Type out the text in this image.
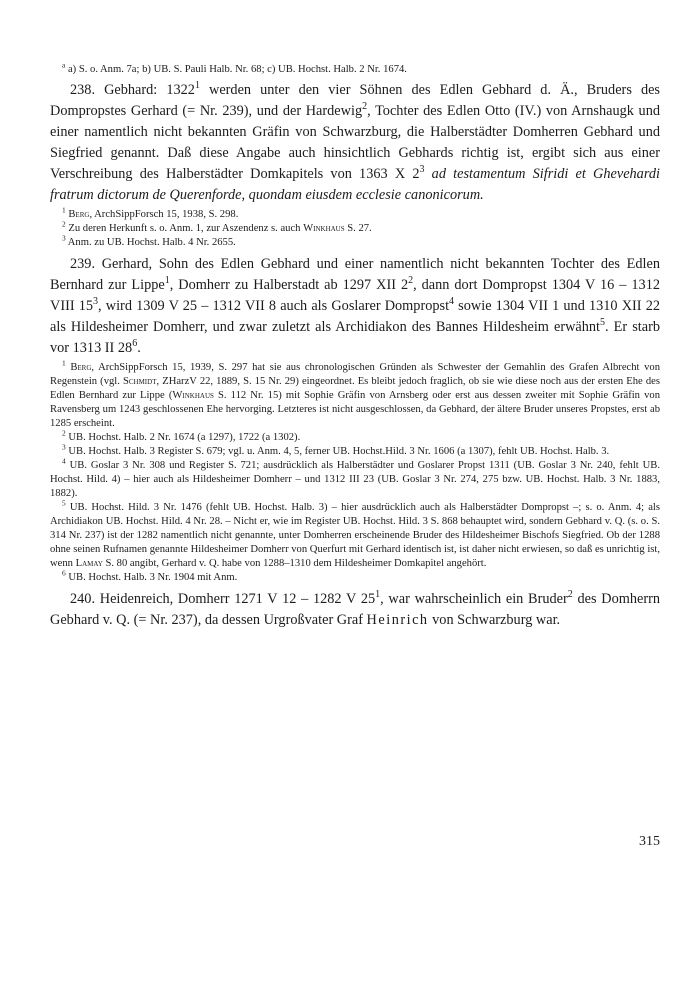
$^a$ a) S. o. Anm. 7a; b) UB. S. Pauli Halb. Nr. 68; c) UB. Hochst. Halb. 2 Nr. 1674.

238. Gebhard: 1322$^1$ werden unter den vier Söhnen des Edlen Gebhard d. Ä., Bruders des Dompropstes Gerhard (= Nr. 239), und der Hardewig$^2$, Tochter des Edlen Otto (IV.) von Arnshaugk und einer namentlich nicht bekannten Gräfin von Schwarzburg, die Halberstädter Domherren Gebhard und Siegfried genannt. Daß diese Angabe auch hinsichtlich Gebhards richtig ist, ergibt sich aus einer Verschreibung des Halberstädter Domkapitels von 1363 X $2^3$ ad testamentum Sifridi et Ghevehardi fratrum dictorum de Querenforde, quondam eiusdem ecclesie canonicorum.

$^1$ Berg, ArchSippForsch 15, 1938, S. 298.

$^2$ Zu deren Herkunft s. o. Anm. 1, zur Aszendenz s. auch Winkhaus S. 27.

$^3$ Anm. zu UB. Hochst. Halb. 4 Nr. 2655.

239. Gerhard, Sohn des Edlen Gebhard und einer namentlich nicht bekannten Tochter des Edlen Bernhard zur Lippe$^1$, Domherr zu Halberstadt ab 1297 XII $2^2$, dann dort Dompropst 1304 V 16 – 1312 VIII $15^3$, wird 1309 V 25 – 1312 VII 8 auch als Goslarer Dompropst$^4$ sowie 1304 VII 1 und 1310 XII 22 als Hildesheimer Domherr, und zwar zuletzt als Archidiakon des Bannes Hildesheim erwähnt$^5$. Er starb vor 1313 II $28^6$.

$^1$ Berg, ArchSippForsch 15, 1939, S. 297 hat sie aus chronologischen Gründen als Schwester der Gemahlin des Grafen Albrecht von Regenstein (vgl. Schmidt, ZHarzV 22, 1889, S. 15 Nr. 29) eingeordnet. Es bleibt jedoch fraglich, ob sie wie diese noch aus der ersten Ehe des Edlen Bernhard zur Lippe (Winkhaus S. 112 Nr. 15) mit Sophie Gräfin von Arnsberg oder erst aus dessen zweiter mit Sophie Gräfin von Ravensberg um 1243 geschlossenen Ehe hervorging. Letzteres ist nicht ausgeschlossen, da Gebhard, der ältere Bruder unseres Propstes, erst ab 1285 erscheint.

$^2$ UB. Hochst. Halb. 2 Nr. 1674 (a 1297), 1722 (a 1302).

$^3$ UB. Hochst. Halb. 3 Register S. 679; vgl. u. Anm. 4, 5, ferner UB. Hochst.Hild. 3 Nr. 1606 (a 1307), fehlt UB. Hochst. Halb. 3.

$^4$ UB. Goslar 3 Nr. 308 und Register S. 721; ausdrücklich als Halberstädter und Goslarer Propst 1311 (UB. Goslar 3 Nr. 240, fehlt UB. Hochst. Hild. 4) – hier auch als Hildesheimer Domherr – und 1312 III 23 (UB. Goslar 3 Nr. 274, 275 bzw. UB. Hochst. Halb. 3 Nr. 1883, 1882).

$^5$ UB. Hochst. Hild. 3 Nr. 1476 (fehlt UB. Hochst. Halb. 3) – hier ausdrücklich auch als Halberstädter Dompropst –; s. o. Anm. 4; als Archidiakon UB. Hochst. Hild. 4 Nr. 28. – Nicht er, wie im Register UB. Hochst. Hild. 3 S. 868 behauptet wird, sondern Gebhard v. Q. (s. o. S. 314 Nr. 237) ist der 1282 namentlich nicht genannte, unter Domherren erscheinende Bruder des Hildesheimer Bischofs Siegfried. Ob der 1288 ohne seinen Rufnamen genannte Hildesheimer Domherr von Querfurt mit Gerhard identisch ist, ist daher nicht erwiesen, so daß es unrichtig ist, wenn Lamay S. 80 angibt, Gerhard v. Q. habe von 1288–1310 dem Hildesheimer Domkapitel angehört.

$^6$ UB. Hochst. Halb. 3 Nr. 1904 mit Anm.

240. Heidenreich, Domherr 1271 V 12 – 1282 V $25^1$, war wahrscheinlich ein Bruder$^2$ des Domherrn Gebhard v. Q. (= Nr. 237), da dessen Urgroßvater Graf Heinrich von Schwarzburg war.

315
